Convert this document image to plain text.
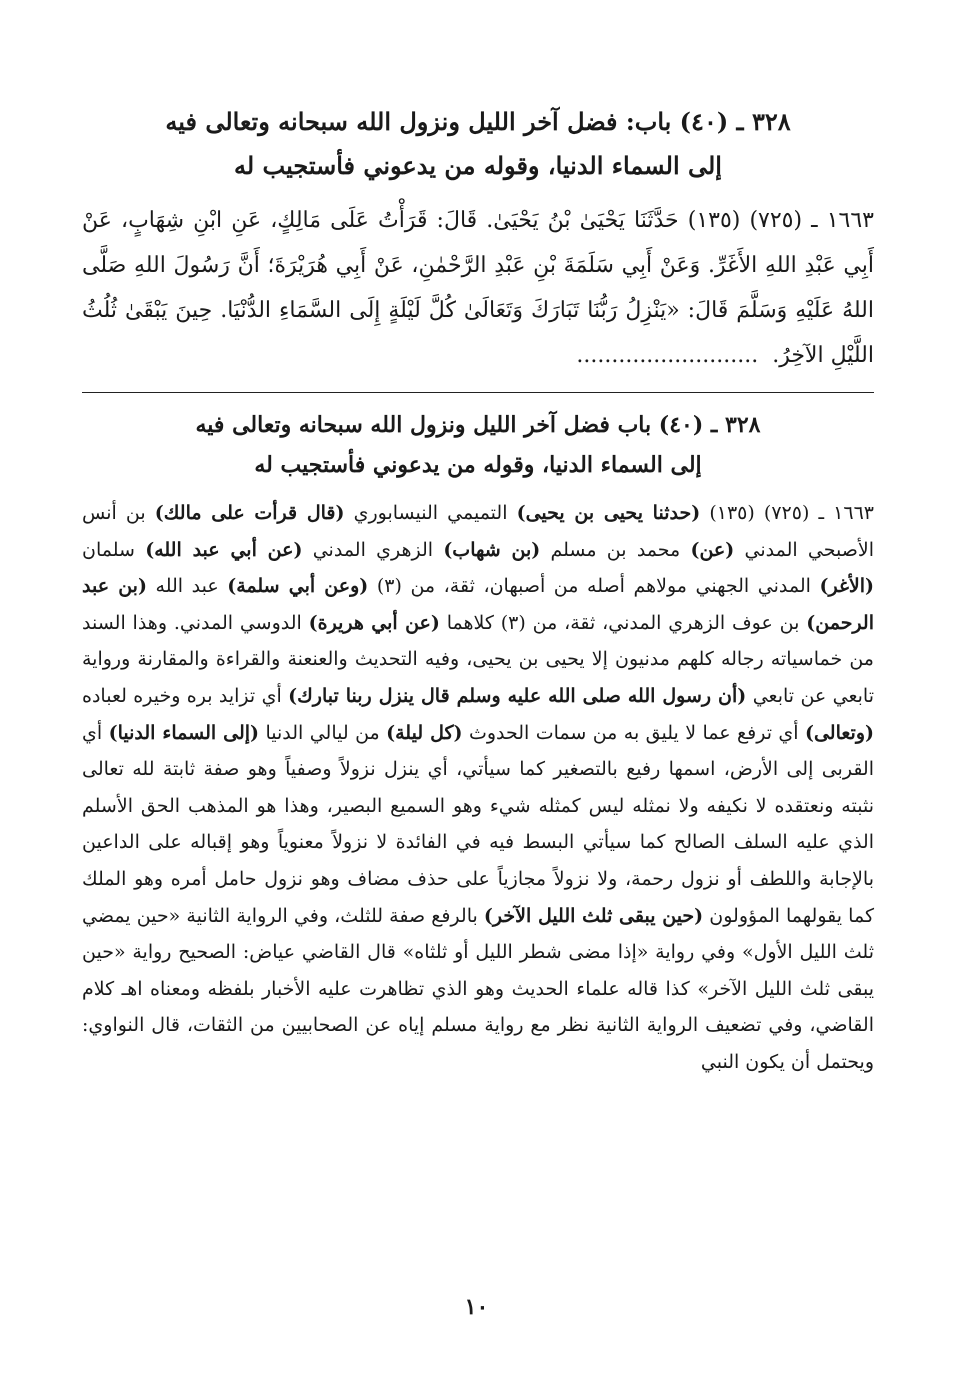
٣٢٨ ـ (٤٠) باب: فضل آخر الليل ونزول الله سبحانه وتعالى فيه
إلى السماء الدنيا، وقوله من يدعوني فأستجيب له
١٦٦٣ ـ (٧٢٥) (١٣٥) حَدَّثَنَا يَحْيَىٰ بْنُ يَحْيَىٰ. قَالَ: قَرَأْتُ عَلَى مَالِكٍ، عَنِ ابْنِ شِهَابٍ، عَنْ أَبِي عَبْدِ اللهِ الأَغَرِّ. وَعَنْ أَبِي سَلَمَةَ بْنِ عَبْدِ الرَّحْمٰنِ، عَنْ أَبِي هُرَيْرَةَ؛ أَنَّ رَسُولَ اللهِ صَلَّى اللهُ عَلَيْهِ وَسَلَّمَ قَالَ: «يَنْزِلُ رَبُّنَا تَبَارَكَ وَتَعَالَىٰ كُلَّ لَيْلَةٍ إِلَى السَّمَاءِ الدُّنْيَا. حِينَ يَبْقَىٰ ثُلُثُ اللَّيْلِ الآخِرُ...........................
٣٢٨ ـ (٤٠) باب فضل آخر الليل ونزول الله سبحانه وتعالى فيه
إلى السماء الدنيا، وقوله من يدعوني فأستجيب له
١٦٦٣ ـ (٧٢٥) (١٣٥) (حدثنا يحيى بن يحيى) التميمي النيسابوري (قال قرأت على مالك) بن أنس الأصبحي المدني (عن) محمد بن مسلم (بن شهاب) الزهري المدني (عن أبي عبد الله) سلمان (الأغر) المدني الجهني مولاهم أصله من أصبهان، ثقة، من (٣) (وعن أبي سلمة) عبد الله (بن عبد الرحمن) بن عوف الزهري المدني، ثقة، من (٣) كلاهما (عن أبي هريرة) الدوسي المدني. وهذا السند من خماسياته رجاله كلهم مدنيون إلا يحيى بن يحيى، وفيه التحديث والعنعنة والقراءة والمقارنة ورواية تابعي عن تابعي (أن رسول الله صلى الله عليه وسلم قال ينزل ربنا تبارك) أي تزايد بره وخيره لعباده (وتعالى) أي ترفع عما لا يليق به من سمات الحدوث (كل ليلة) من ليالي الدنيا (إلى السماء الدنيا) أي القربى إلى الأرض، اسمها رفيع بالتصغير كما سيأتي، أي ينزل نزولاً وصفياً وهو صفة ثابتة لله تعالى نثبته ونعتقده لا نكيفه ولا نمثله ليس كمثله شيء وهو السميع البصير، وهذا هو المذهب الحق الأسلم الذي عليه السلف الصالح كما سيأتي البسط فيه في الفائدة لا نزولاً معنوياً وهو إقباله على الداعين بالإجابة واللطف أو نزول رحمة، ولا نزولاً مجازياً على حذف مضاف وهو نزول حامل أمره وهو الملك كما يقولهما المؤولون (حين يبقى ثلث الليل الآخر) بالرفع صفة للثلث، وفي الرواية الثانية «حين يمضي ثلث الليل الأول» وفي رواية «إذا مضى شطر الليل أو ثلثاه» قال القاضي عياض: الصحيح رواية «حين يبقى ثلث الليل الآخر» كذا قاله علماء الحديث وهو الذي تظاهرت عليه الأخبار بلفظه ومعناه اهـ كلام القاضي، وفي تضعيف الرواية الثانية نظر مع رواية مسلم إياه عن الصحابيين من الثقات، قال النواوي: ويحتمل أن يكون النبي
١٠
